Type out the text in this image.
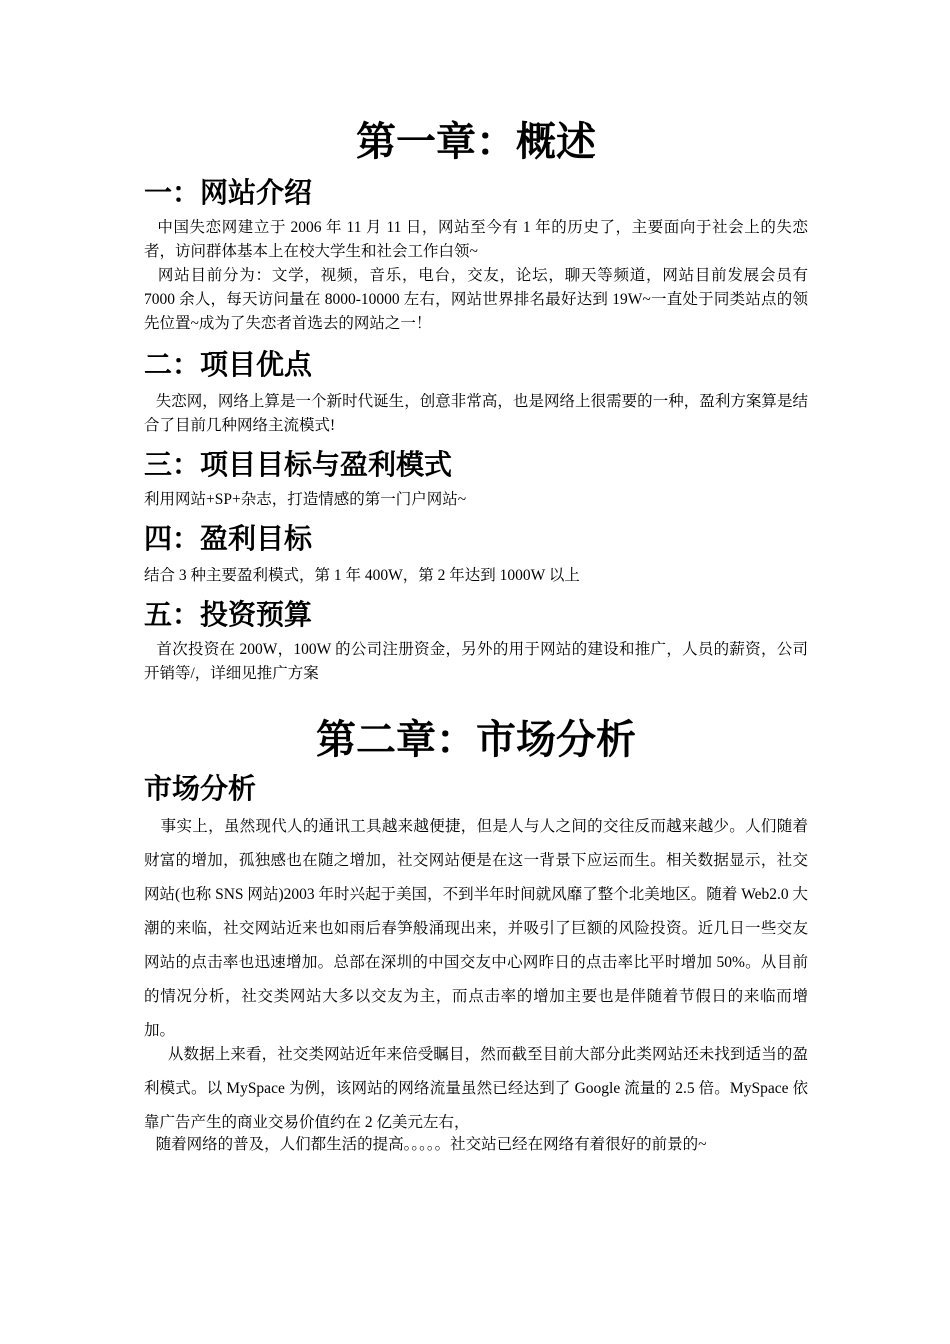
第一章：概述
一：网站介绍

中国失恋网建立于 2006 年 11 月 11 日，网站至今有 1 年的历史了，主要面向于社会上的失恋者，访问群体基本上在校大学生和社会工作白领~

网站目前分为：文学，视频，音乐，电台，交友，论坛，聊天等频道，网站目前发展会员有 7000 余人，每天访问量在 8000-10000 左右，网站世界排名最好达到 19W~一直处于同类站点的领先位置~成为了失恋者首选去的网站之一！

二：项目优点

失恋网，网络上算是一个新时代诞生，创意非常高，也是网络上很需要的一种，盈利方案算是结合了目前几种网络主流模式!

三：项目目标与盈利模式

利用网站+SP+杂志，打造情感的第一门户网站~

四：盈利目标

结合 3 种主要盈利模式，第 1 年 400W，第 2 年达到 1000W 以上

五：投资预算

首次投资在 200W，100W 的公司注册资金，另外的用于网站的建设和推广，人员的薪资，公司开销等/，详细见推广方案

第二章：市场分析
市场分析

事实上，虽然现代人的通讯工具越来越便捷，但是人与人之间的交往反而越来越少。人们随着财富的增加，孤独感也在随之增加，社交网站便是在这一背景下应运而生。相关数据显示，社交网站(也称 SNS 网站)2003 年时兴起于美国，不到半年时间就风靡了整个北美地区。随着 Web2.0 大潮的来临，社交网站近来也如雨后春笋般涌现出来，并吸引了巨额的风险投资。近几日一些交友网站的点击率也迅速增加。总部在深圳的中国交友中心网昨日的点击率比平时增加 50%。从目前的情况分析，社交类网站大多以交友为主，而点击率的增加主要也是伴随着节假日的来临而增加。

从数据上来看，社交类网站近年来倍受瞩目，然而截至目前大部分此类网站还未找到适当的盈利模式。以 MySpace 为例，该网站的网络流量虽然已经达到了 Google 流量的 2.5 倍。MySpace 依靠广告产生的商业交易价值约在 2 亿美元左右，

随着网络的普及，人们都生活的提高。。。。。社交站已经在网络有着很好的前景的~
